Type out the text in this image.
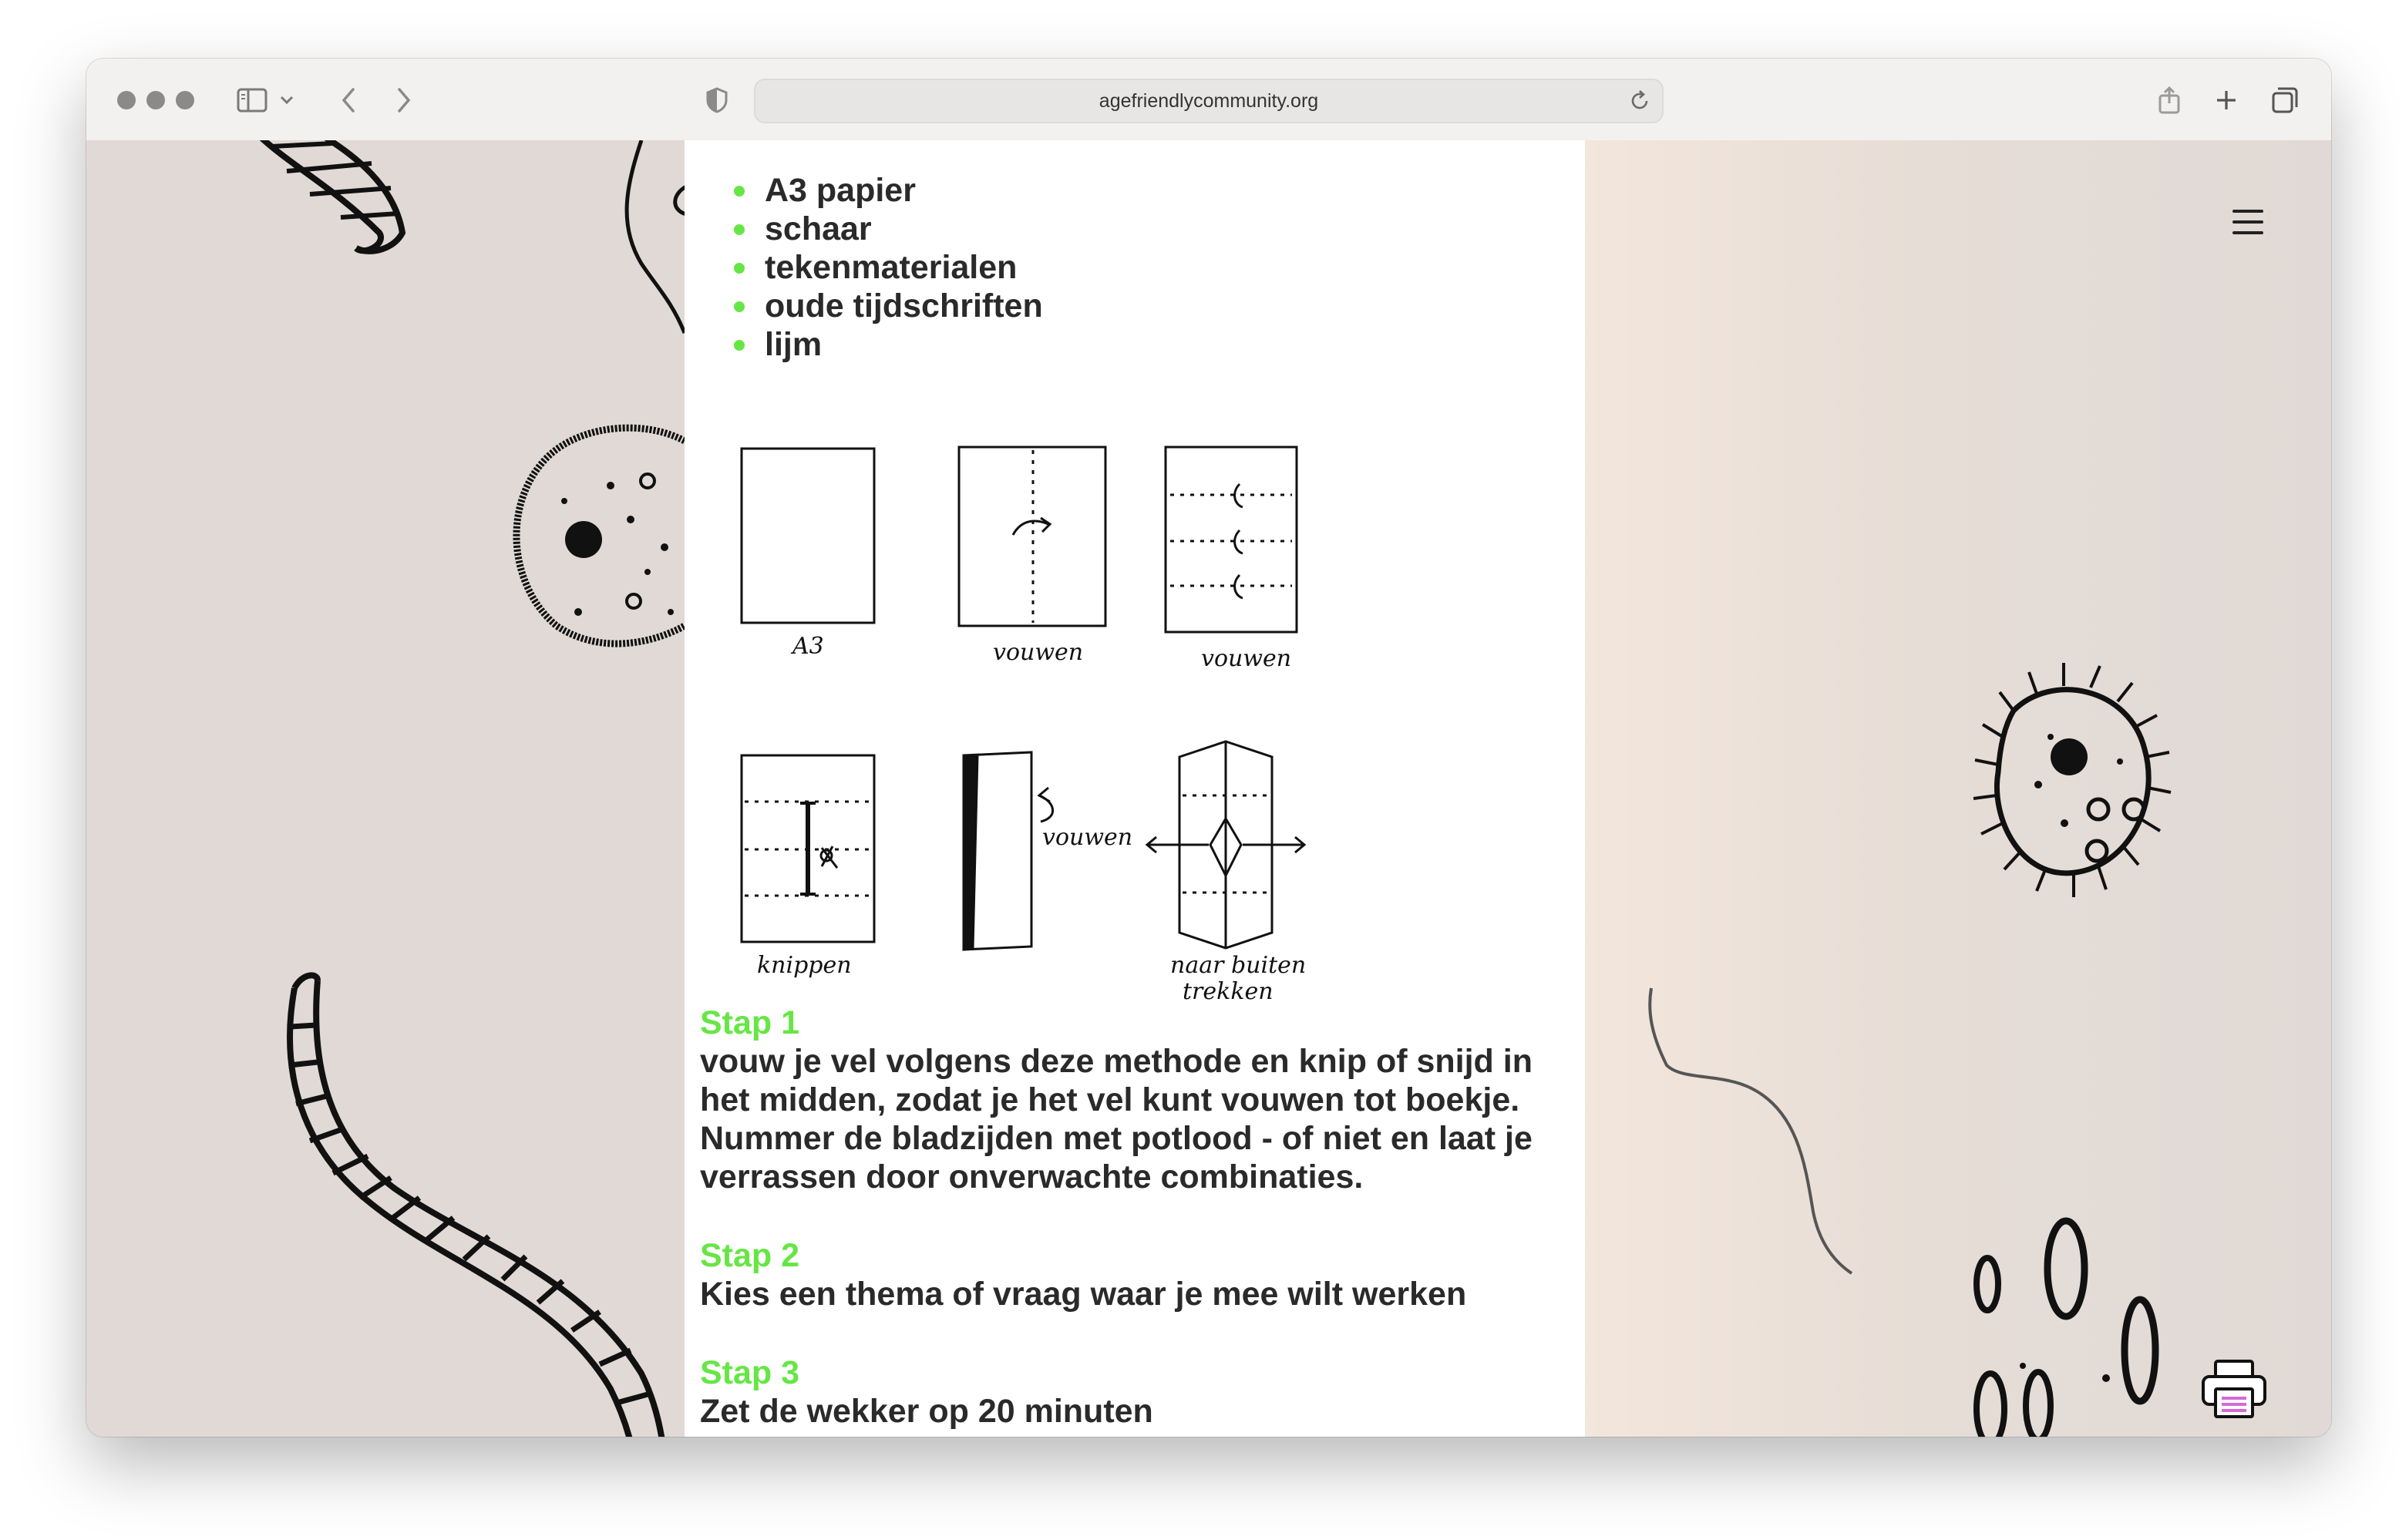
agefriendlycommunity.org
A3 papier
schaar
tekenmaterialen
oude tijdschriften
lijm
A3	vouwen	vouwen
knippen
vouwen
naar buiten
trekken
Stap 1
vouw je vel volgens deze methode en knip of snijd in het midden, zodat je het vel kunt vouwen tot boekje. Nummer de bladzijden met potlood - of niet en laat je verrassen door onverwachte combinaties.
Stap 2
Kies een thema of vraag waar je mee wilt werken
Stap 3
Zet de wekker op 20 minuten
